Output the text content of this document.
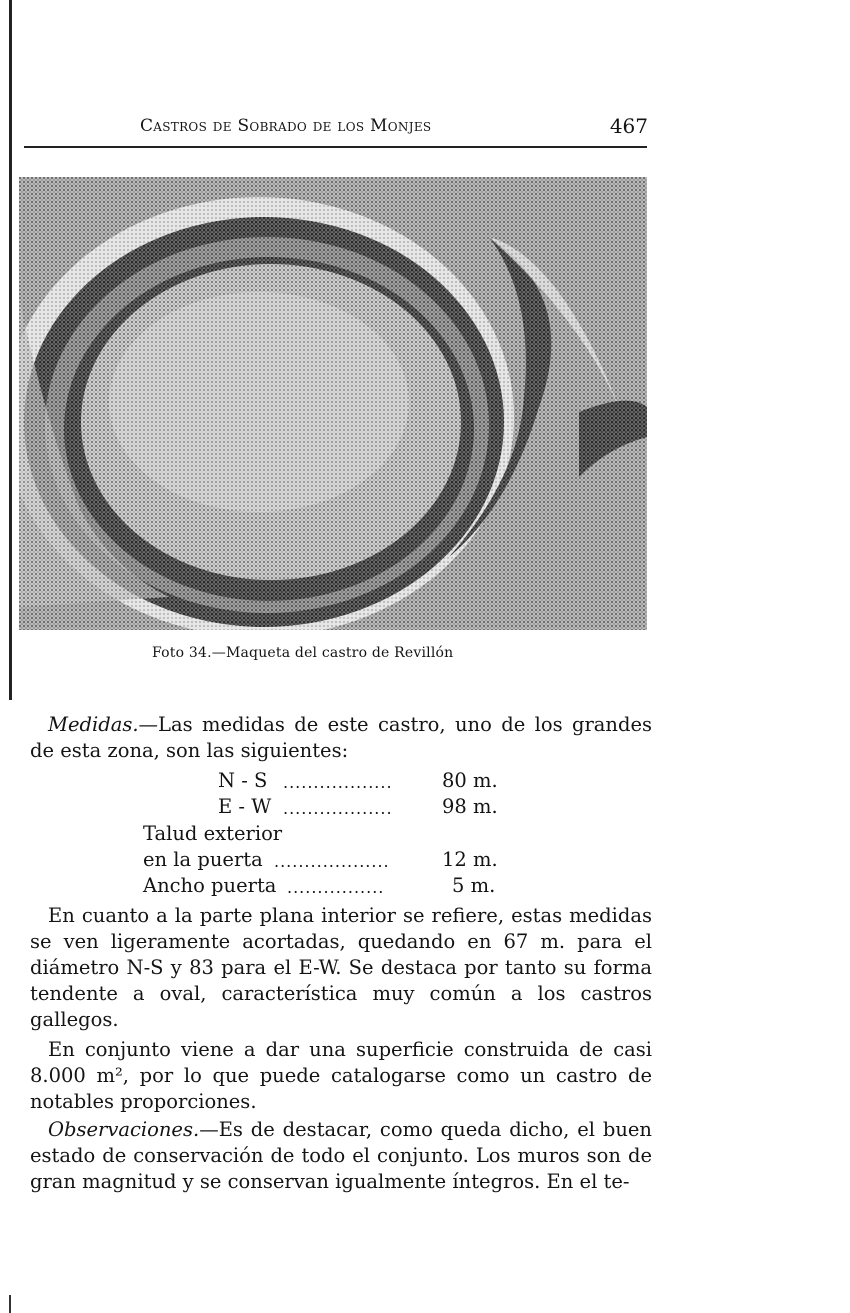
Castros de Sobrado de los Monjes	467
Foto 34.—Maqueta del castro de Revillón
Medidas.—Las medidas de este castro, uno de los grandes de esta zona, son las siguientes:
N - S ..................	80 m.
E - W ..................	98 m.
Talud exterior
en la puerta ...................	12 m.
Ancho puerta ................	5 m.
En cuanto a la parte plana interior se refiere, estas medidas se ven ligeramente acortadas, quedando en 67 m. para el diámetro N-S y 83 para el E-W. Se destaca por tanto su forma tendente a oval, característica muy común a los castros gallegos.
En conjunto viene a dar una superficie construida de casi 8.000 m², por lo que puede catalogarse como un castro de notables proporciones.
Observaciones.—Es de destacar, como queda dicho, el buen estado de conservación de todo el conjunto. Los muros son de gran magnitud y se conservan igualmente íntegros. En el te-
